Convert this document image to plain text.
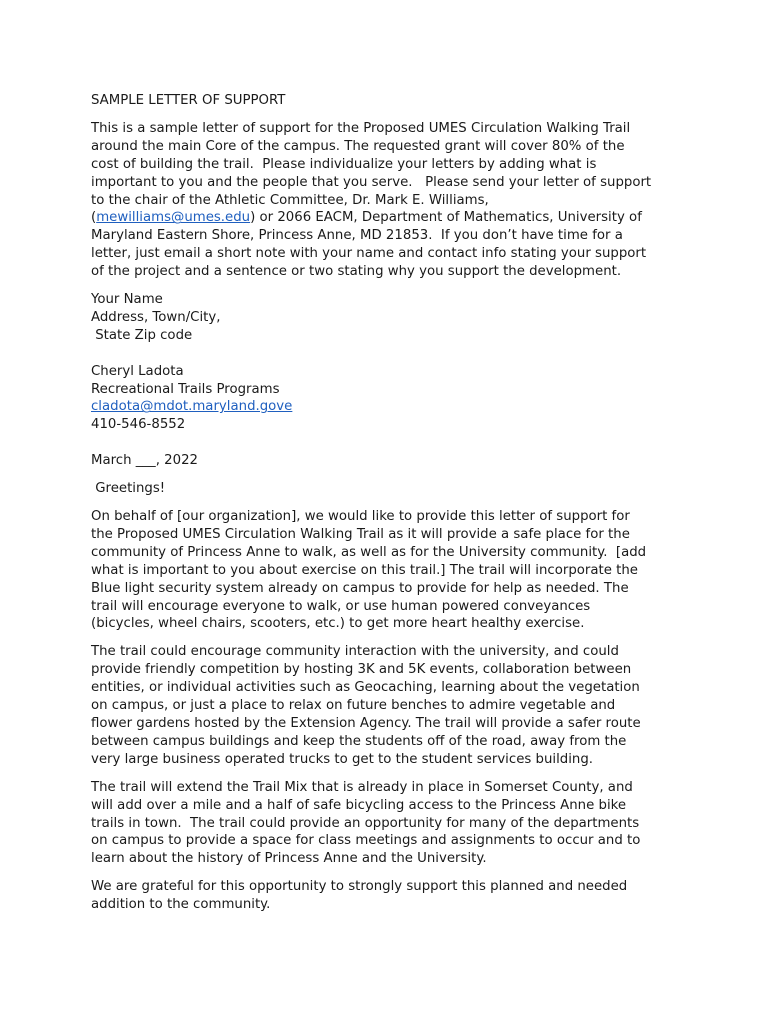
SAMPLE LETTER OF SUPPORT
This is a sample letter of support for the Proposed UMES Circulation Walking Trail
around the main Core of the campus. The requested grant will cover 80% of the
cost of building the trail.  Please individualize your letters by adding what is
important to you and the people that you serve.   Please send your letter of support
to the chair of the Athletic Committee, Dr. Mark E. Williams,
(mewilliams@umes.edu) or 2066 EACM, Department of Mathematics, University of
Maryland Eastern Shore, Princess Anne, MD 21853.  If you don’t have time for a
letter, just email a short note with your name and contact info stating your support
of the project and a sentence or two stating why you support the development.
Your Name
Address, Town/City,
State Zip code
Cheryl Ladota
Recreational Trails Programs
cladota@mdot.maryland.gove
410-546-8552
March ___, 2022
Greetings!
On behalf of [our organization], we would like to provide this letter of support for
the Proposed UMES Circulation Walking Trail as it will provide a safe place for the
community of Princess Anne to walk, as well as for the University community.  [add
what is important to you about exercise on this trail.] The trail will incorporate the
Blue light security system already on campus to provide for help as needed. The
trail will encourage everyone to walk, or use human powered conveyances
(bicycles, wheel chairs, scooters, etc.) to get more heart healthy exercise.
The trail could encourage community interaction with the university, and could
provide friendly competition by hosting 3K and 5K events, collaboration between
entities, or individual activities such as Geocaching, learning about the vegetation
on campus, or just a place to relax on future benches to admire vegetable and
flower gardens hosted by the Extension Agency. The trail will provide a safer route
between campus buildings and keep the students off of the road, away from the
very large business operated trucks to get to the student services building.
The trail will extend the Trail Mix that is already in place in Somerset County, and
will add over a mile and a half of safe bicycling access to the Princess Anne bike
trails in town.  The trail could provide an opportunity for many of the departments
on campus to provide a space for class meetings and assignments to occur and to
learn about the history of Princess Anne and the University.
We are grateful for this opportunity to strongly support this planned and needed
addition to the community.
